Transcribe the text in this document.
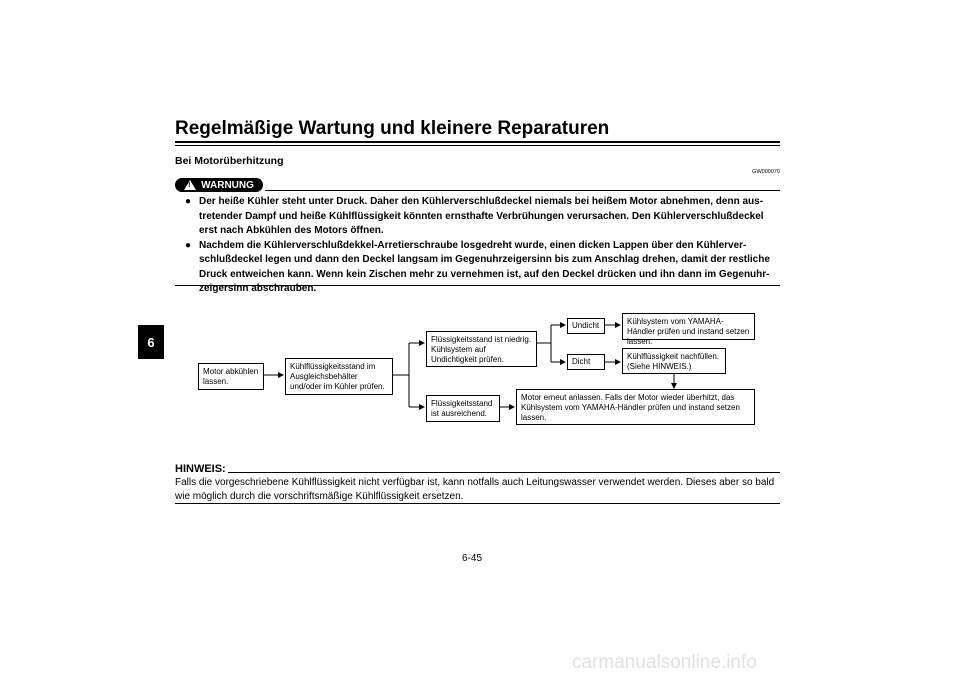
Regelmäßige Wartung und kleinere Reparaturen
6
Bei Motorüberhitzung
GW000070
! WARNUNG
● Der heiße Kühler steht unter Druck. Daher den Kühlerverschlußdeckel niemals bei heißem Motor abnehmen, denn aus-tretender Dampf und heiße Kühlflüssigkeit könnten ernsthafte Verbrühungen verursachen. Den Kühlerverschlußdeckel erst nach Abkühlen des Motors öffnen.
● Nachdem die Kühlerverschlußdekkel-Arretierschraube losgedreht wurde, einen dicken Lappen über den Kühlerver-schlußdeckel legen und dann den Deckel langsam im Gegenuhrzeigersinn bis zum Anschlag drehen, damit der restliche Druck entweichen kann. Wenn kein Zischen mehr zu vernehmen ist, auf den Deckel drücken und ihn dann im Gegenuhr-zeigersinn abschrauben.
Motor abkühlen lassen.
Kühlflüssigkeitsstand im Ausgleichsbehälter und/oder im Kühler prüfen.
Flüssigkeitsstand ist niedrig. Kühlsystem auf Undichtigkeit prüfen.
Flüssigkeitsstand ist ausreichend.
Undicht
Dicht
Kühlsystem vom YAMAHA-Händler prüfen und instand setzen lassen.
Kühlflüssigkeit nachfüllen. (Siehe HINWEIS.)
Motor erneut anlassen. Falls der Motor wieder überhitzt, das Kühlsystem vom YAMAHA-Händler prüfen und instand setzen lassen.
HINWEIS:
Falls die vorgeschriebene Kühlflüssigkeit nicht verfügbar ist, kann notfalls auch Leitungswasser verwendet werden. Dieses aber so bald wie möglich durch die vorschriftsmäßige Kühlflüssigkeit ersetzen.
6-45
carmanualsonline.info
